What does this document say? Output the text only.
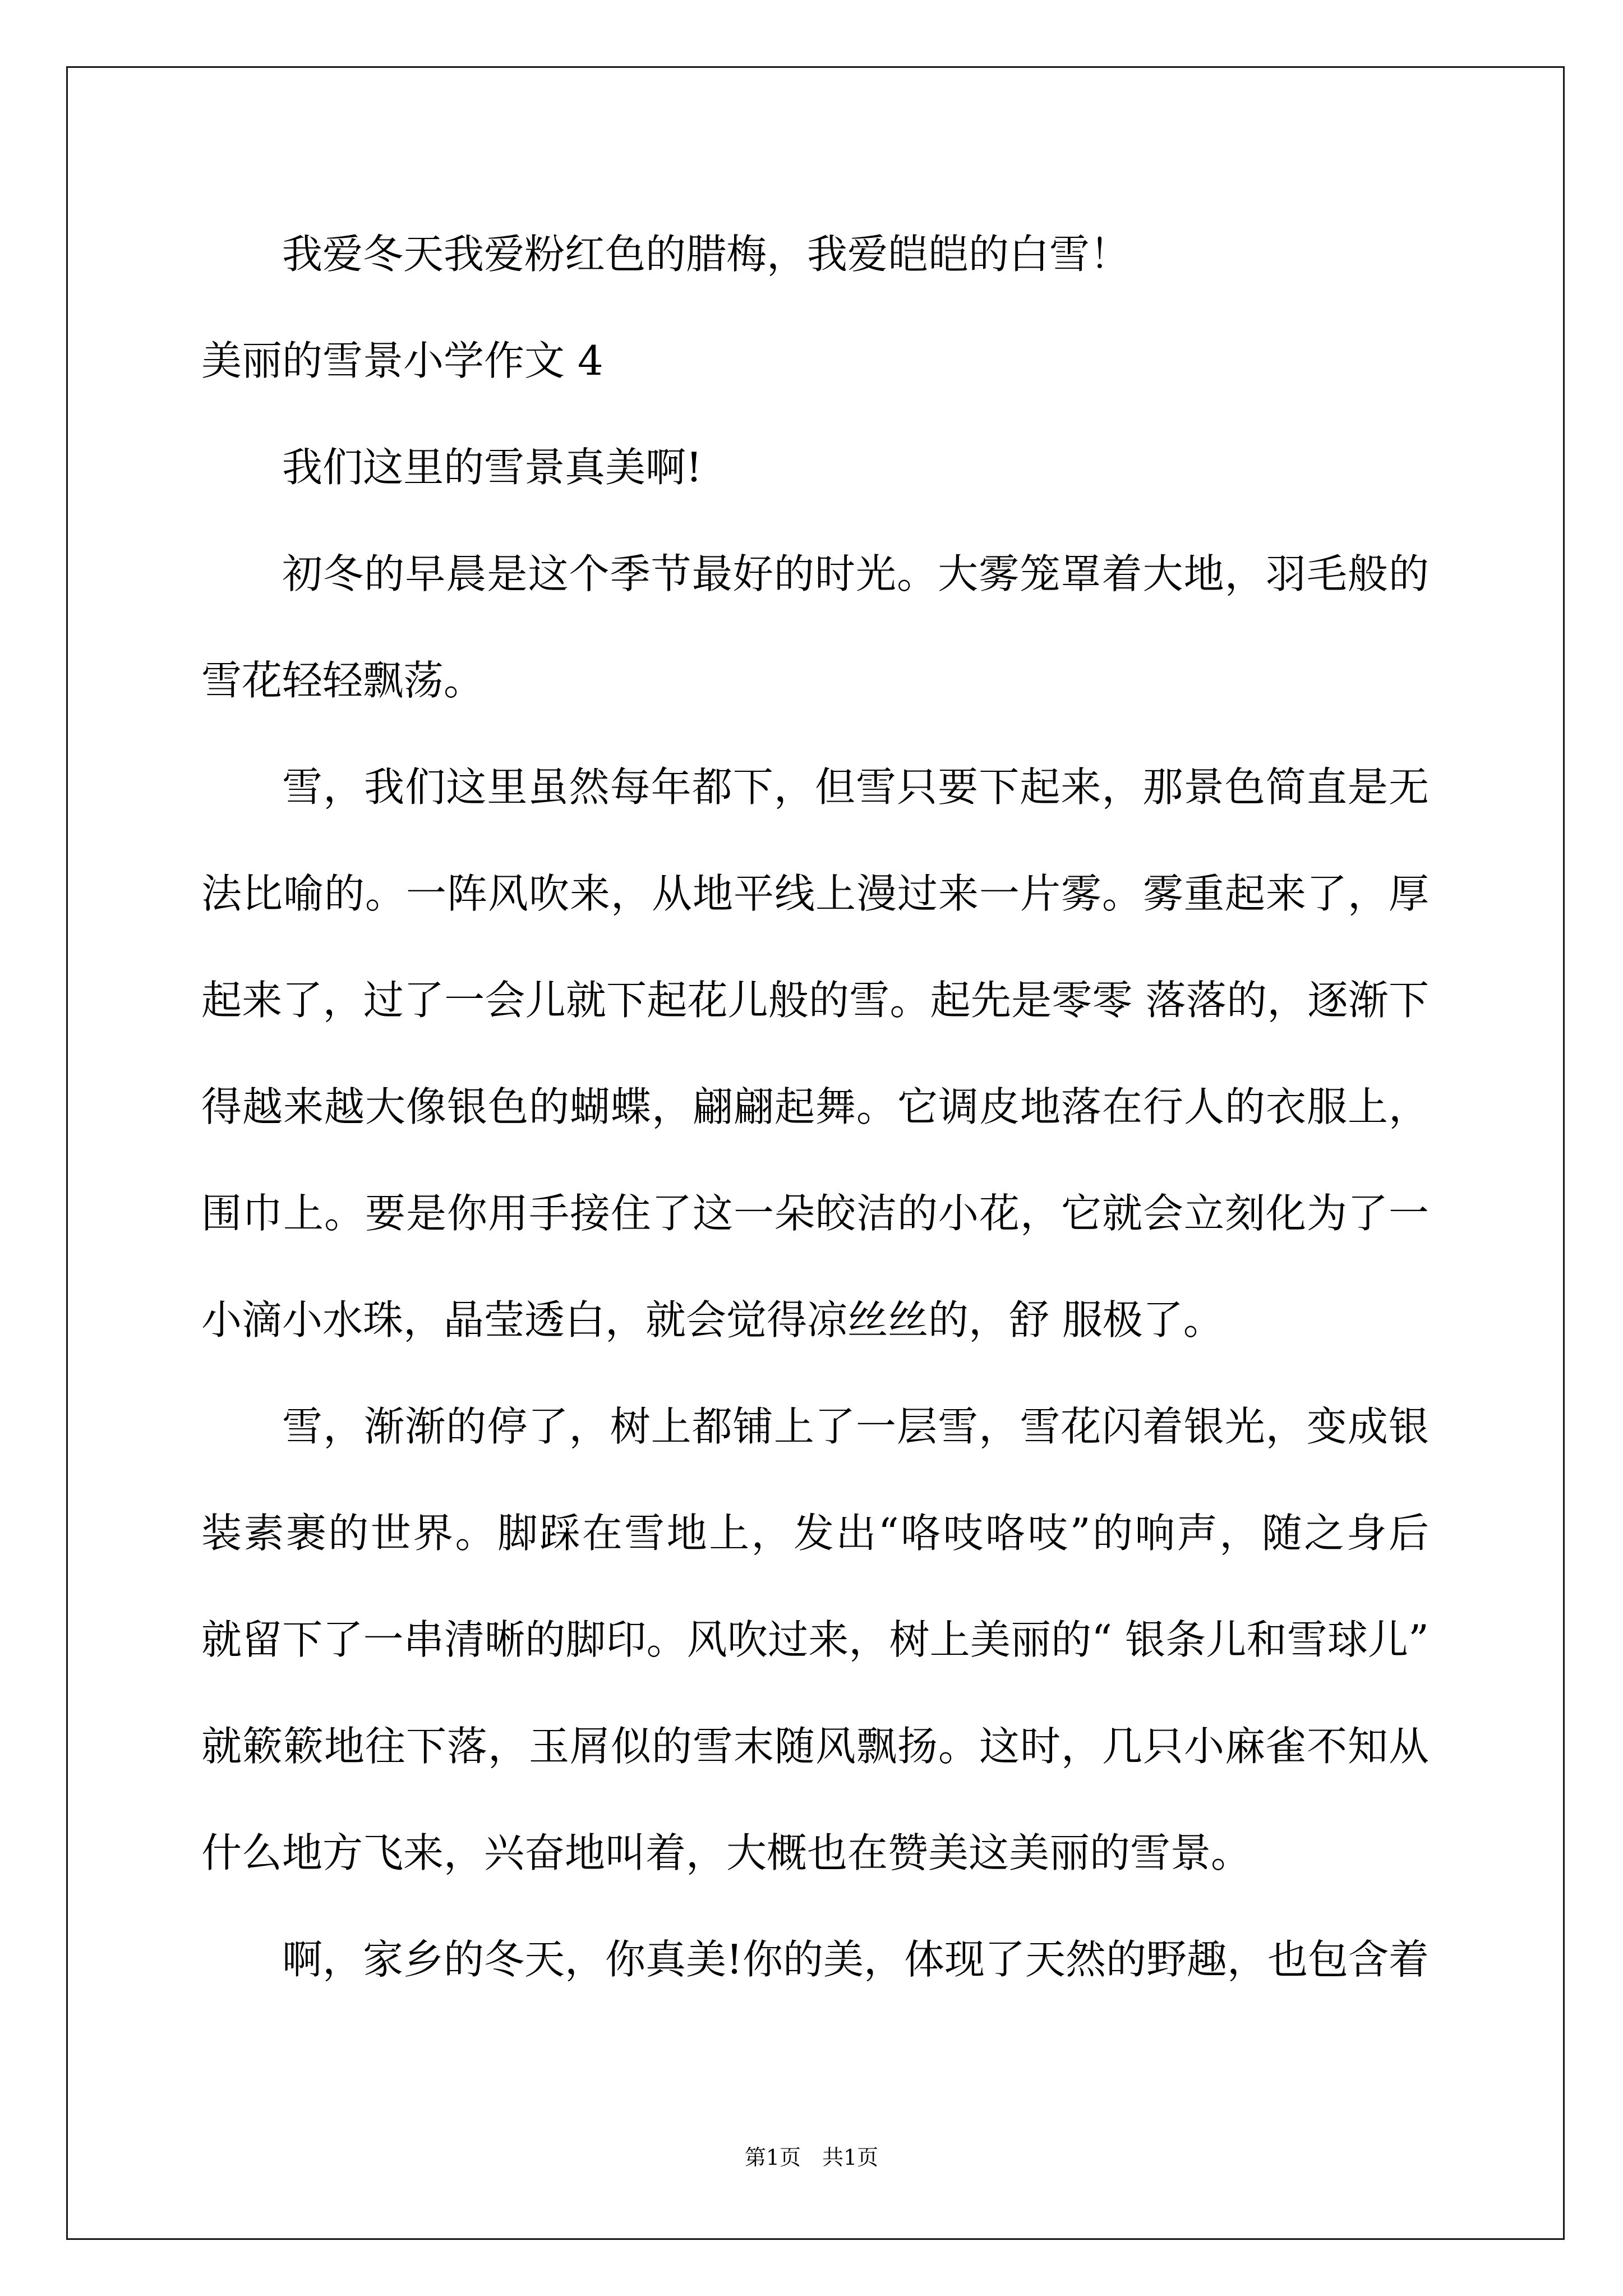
我爱冬天我爱粉红色的腊梅，我爱皑皑的白雪！

美丽的雪景小学作文 4

我们这里的雪景真美啊!

初冬的早晨是这个季节最好的时光。大雾笼罩着大地，羽毛般的
雪花轻轻飘荡。

雪，我们这里虽然每年都下，但雪只要下起来，那景色简直是无
法比喻的。一阵风吹来，从地平线上漫过来一片雾。雾重起来了，厚
起来了，过了一会儿就下起花儿般的雪。起先是零零 落落的，逐渐下
得越来越大像银色的蝴蝶，翩翩起舞。它调皮地落在行人的衣服上，
围巾上。要是你用手接住了这一朵皎洁的小花，它就会立刻化为了一
小滴小水珠，晶莹透白，就会觉得凉丝丝的，舒 服极了。

雪，渐渐的停了，树上都铺上了一层雪，雪花闪着银光，变成银
装素裹的世界。脚踩在雪地上，发出“咯吱咯吱”的响声，随之身后
就留下了一串清晰的脚印。风吹过来，树上美丽的“ 银条儿和雪球儿”
就簌簌地往下落，玉屑似的雪末随风飘扬。这时，几只小麻雀不知从
什么地方飞来，兴奋地叫着，大概也在赞美这美丽的雪景。

啊，家乡的冬天，你真美!你的美，体现了天然的野趣，也包含着

第1页　共1页
